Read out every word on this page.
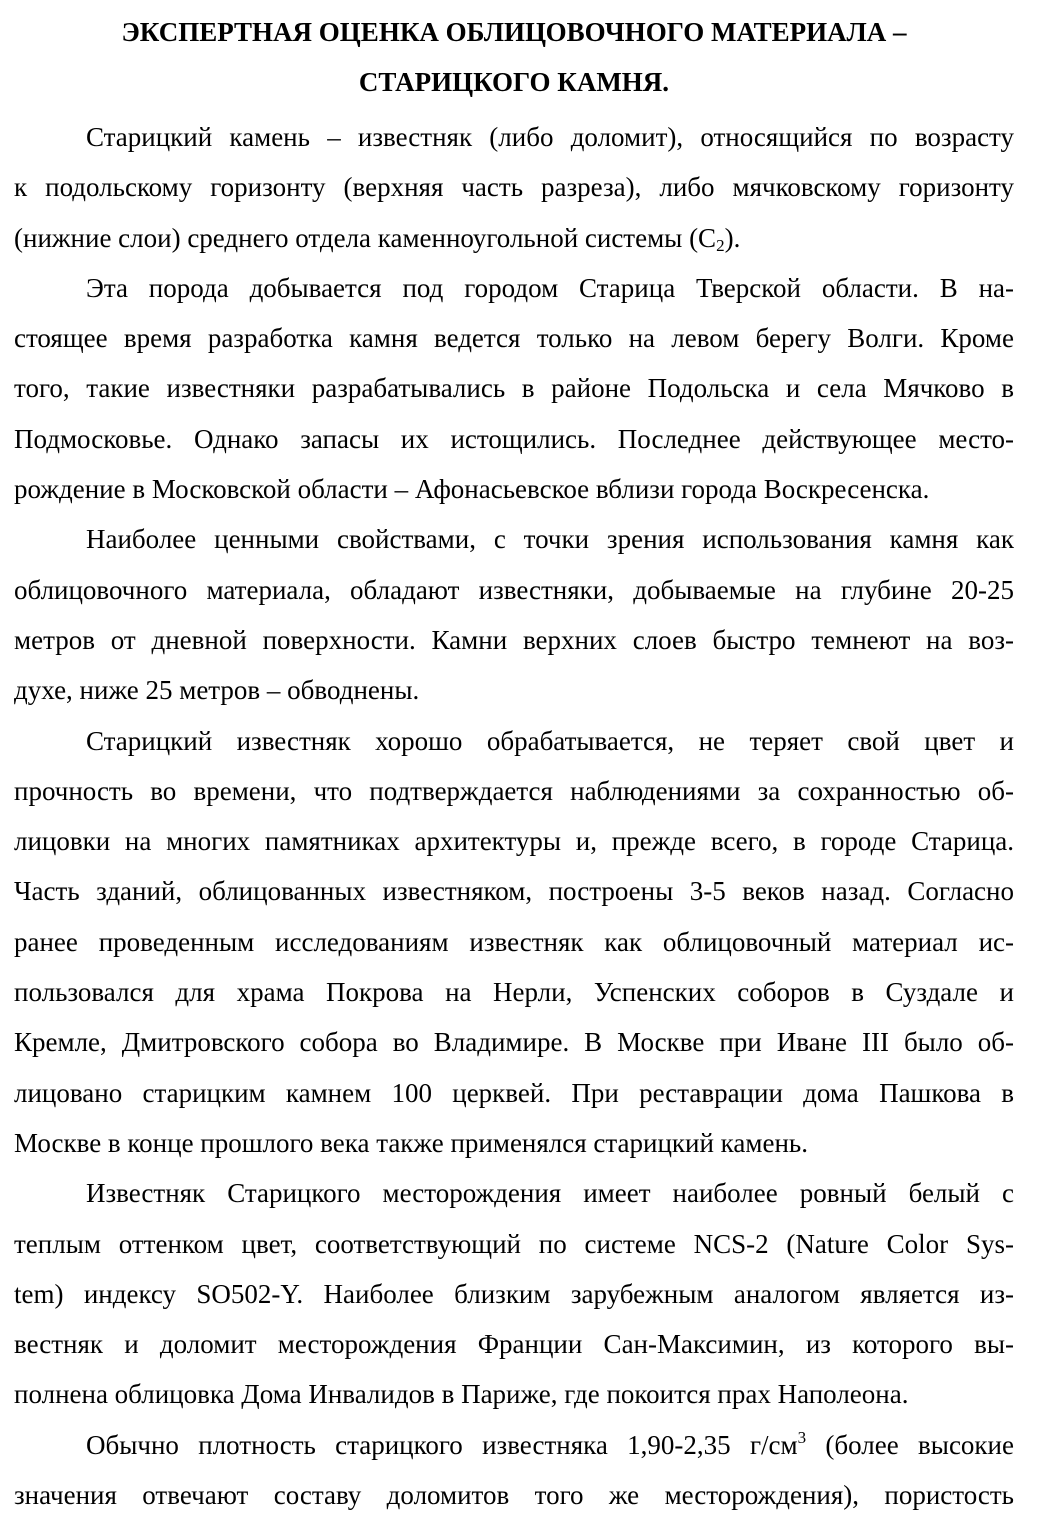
ЭКСПЕРТНАЯ ОЦЕНКА ОБЛИЦОВОЧНОГО МАТЕРИАЛА –
СТАРИЦКОГО КАМНЯ.
Старицкий камень – известняк (либо доломит), относящийся по возрасту
к подольскому горизонту (верхняя часть разреза), либо мячковскому горизонту
(нижние слои) среднего отдела каменноугольной системы $(C_2)$.
Эта порода добывается под городом Старица Тверской области. В на-
стоящее время разработка камня ведется только на левом берегу Волги. Кроме
того, такие известняки разрабатывались в районе Подольска и села Мячково в
Подмосковье. Однако запасы их истощились. Последнее действующее место-
рождение в Московской области – Афонасьевское вблизи города Воскресенска.
Наиболее ценными свойствами, с точки зрения использования камня как
облицовочного материала, обладают известняки, добываемые на глубине 20-25
метров от дневной поверхности. Камни верхних слоев быстро темнеют на воз-
духе, ниже 25 метров – обводнены.
Старицкий известняк хорошо обрабатывается, не теряет свой цвет и
прочность во времени, что подтверждается наблюдениями за сохранностью об-
лицовки на многих памятниках архитектуры и, прежде всего, в городе Старица.
Часть зданий, облицованных известняком, построены 3-5 веков назад. Согласно
ранее проведенным исследованиям известняк как облицовочный материал ис-
пользовался для храма Покрова на Нерли, Успенских соборов в Суздале и
Кремле, Дмитровского собора во Владимире. В Москве при Иване III было об-
лицовано старицким камнем 100 церквей. При реставрации дома Пашкова в
Москве в конце прошлого века также применялся старицкий камень.
Известняк Старицкого месторождения имеет наиболее ровный белый с
теплым оттенком цвет, соответствующий по системе NCS-2 (Nature Color Sys-
tem) индексу SO502-Y. Наиболее близким зарубежным аналогом является из-
вестняк и доломит месторождения Франции Сан-Максимин, из которого вы-
полнена облицовка Дома Инвалидов в Париже, где покоится прах Наполеона.
Обычно плотность старицкого известняка 1,90-2,35 $г/см^3$ (более высокие
значения отвечают составу доломитов того же месторождения), пористость
